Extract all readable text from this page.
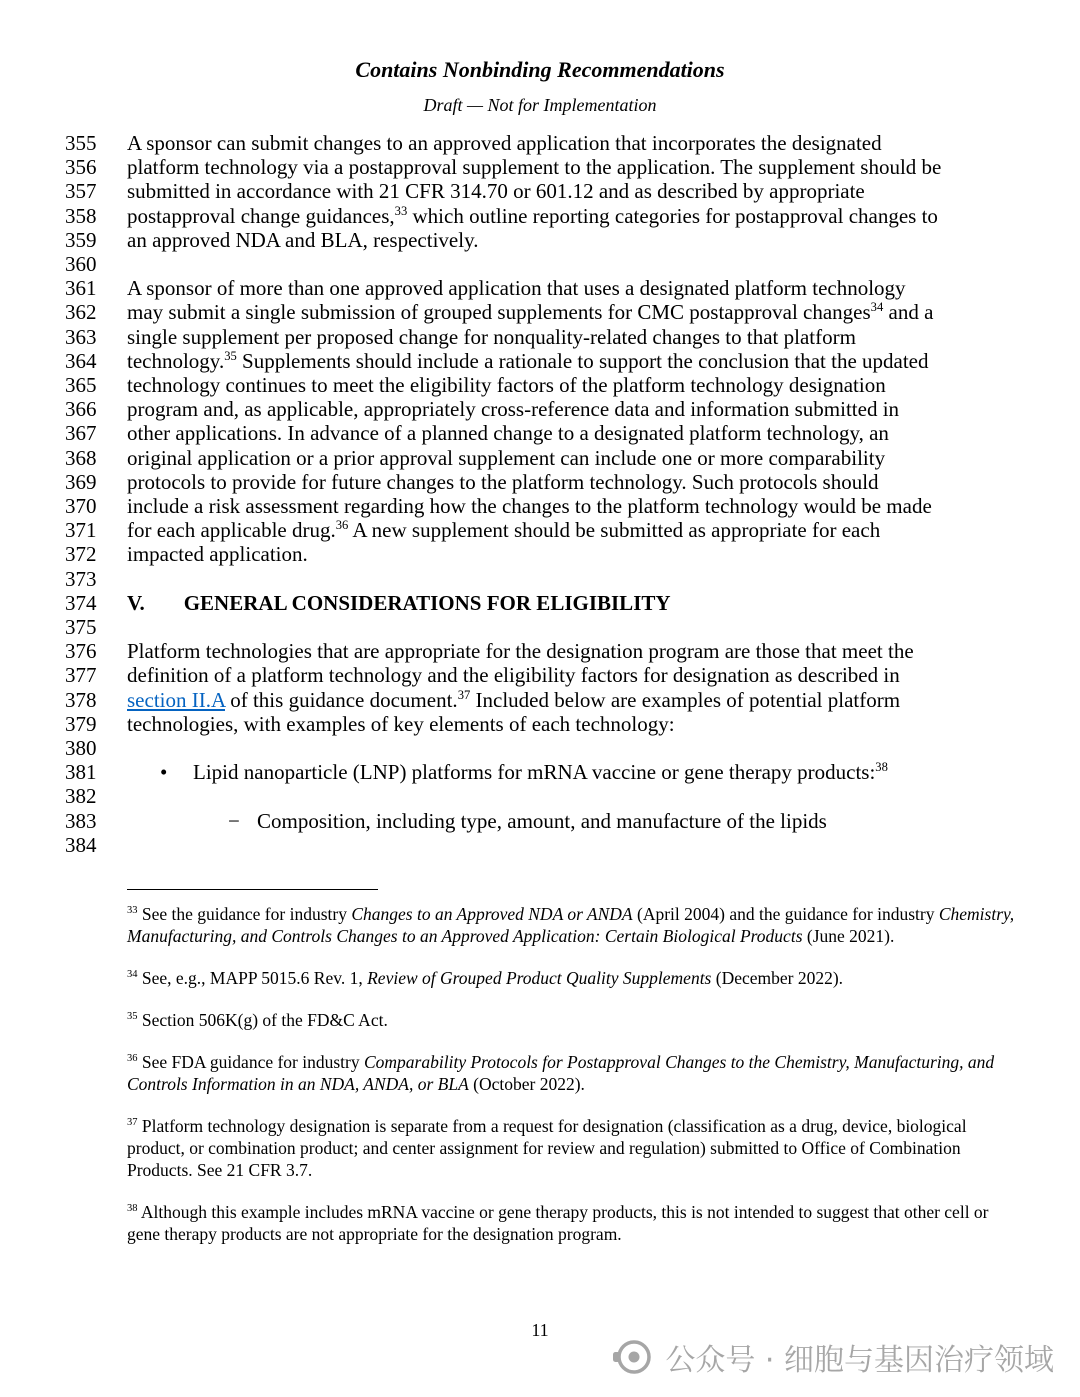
Contains Nonbinding Recommendations
Draft — Not for Implementation
355	A sponsor can submit changes to an approved application that incorporates the designated
356	platform technology via a postapproval supplement to the application. The supplement should be
357	submitted in accordance with 21 CFR 314.70 or 601.12 and as described by appropriate
358	postapproval change guidances,$^{33}$ which outline reporting categories for postapproval changes to
359	an approved NDA and BLA, respectively.
360
361	A sponsor of more than one approved application that uses a designated platform technology
362	may submit a single submission of grouped supplements for CMC postapproval changes$^{34}$ and a
363	single supplement per proposed change for nonquality-related changes to that platform
364	technology.$^{35}$ Supplements should include a rationale to support the conclusion that the updated
365	technology continues to meet the eligibility factors of the platform technology designation
366	program and, as applicable, appropriately cross-reference data and information submitted in
367	other applications. In advance of a planned change to a designated platform technology, an
368	original application or a prior approval supplement can include one or more comparability
369	protocols to provide for future changes to the platform technology. Such protocols should
370	include a risk assessment regarding how the changes to the platform technology would be made
371	for each applicable drug.$^{36}$ A new supplement should be submitted as appropriate for each
372	impacted application.
373
374	V. GENERAL CONSIDERATIONS FOR ELIGIBILITY
375
376	Platform technologies that are appropriate for the designation program are those that meet the
377	definition of a platform technology and the eligibility factors for designation as described in
378	section II.A of this guidance document.$^{37}$ Included below are examples of potential platform
379	technologies, with examples of key elements of each technology:
380
381	• Lipid nanoparticle (LNP) platforms for mRNA vaccine or gene therapy products:$^{38}$
382
383	− Composition, including type, amount, and manufacture of the lipids
384
$^{33}$ See the guidance for industry Changes to an Approved NDA or ANDA (April 2004) and the guidance for industry Chemistry, Manufacturing, and Controls Changes to an Approved Application: Certain Biological Products (June 2021).
$^{34}$ See, e.g., MAPP 5015.6 Rev. 1, Review of Grouped Product Quality Supplements (December 2022).
$^{35}$ Section 506K(g) of the FD&C Act.
$^{36}$ See FDA guidance for industry Comparability Protocols for Postapproval Changes to the Chemistry, Manufacturing, and Controls Information in an NDA, ANDA, or BLA (October 2022).
$^{37}$ Platform technology designation is separate from a request for designation (classification as a drug, device, biological product, or combination product; and center assignment for review and regulation) submitted to Office of Combination Products. See 21 CFR 3.7.
$^{38}$ Although this example includes mRNA vaccine or gene therapy products, this is not intended to suggest that other cell or gene therapy products are not appropriate for the designation program.
11
公众号 · 细胞与基因治疗领域
